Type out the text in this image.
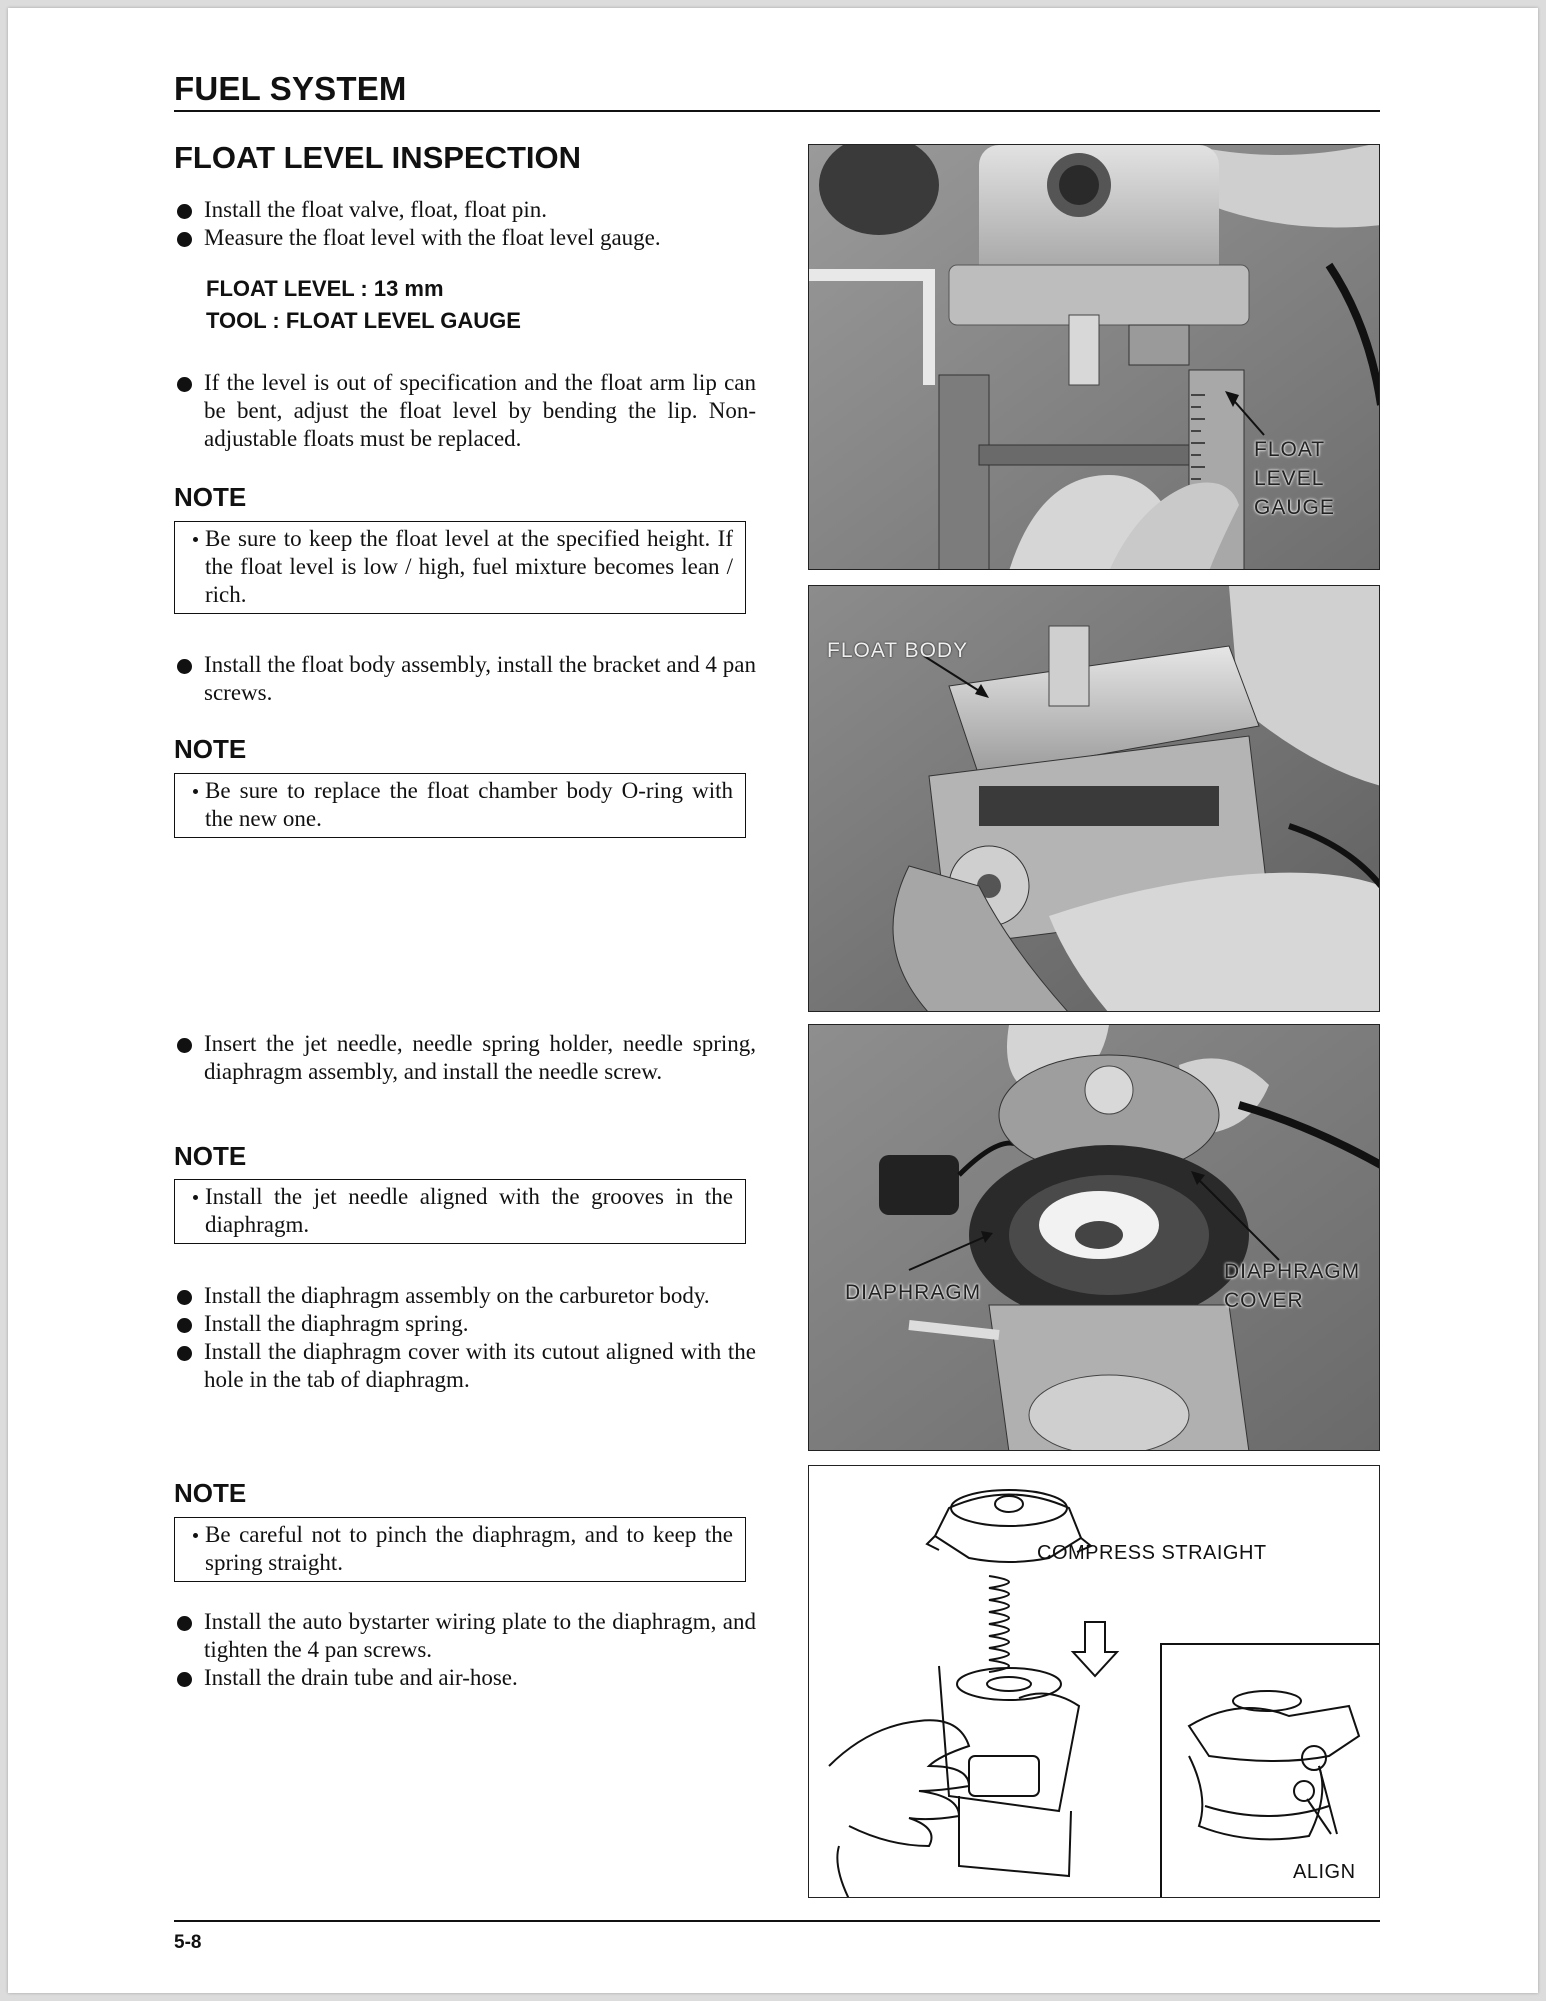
FUEL SYSTEM
FLOAT LEVEL INSPECTION
Install the float valve, float, float pin.
Measure the float level with the float level gauge.
FLOAT LEVEL : 13 mm
TOOL : FLOAT LEVEL GAUGE
If the level is out of specification and the float arm lip can be bent, adjust the float level by bending the lip. Non-adjustable floats must be replaced.
NOTE
Be sure to keep the float level at the specified height. If the float level is low / high, fuel mixture becomes lean / rich.
Install the float body assembly, install the bracket and 4 pan screws.
NOTE
Be sure to replace the float chamber body O-ring with the new one.
Insert the jet needle, needle spring holder, needle spring, diaphragm assembly, and install the needle screw.
NOTE
Install the jet needle aligned with the grooves in the diaphragm.
Install the diaphragm assembly on the carburetor body.
Install the diaphragm spring.
Install the diaphragm cover with its cutout aligned with the hole in the tab of diaphragm.
NOTE
Be careful not to pinch the diaphragm, and to keep the spring straight.
Install the auto bystarter wiring plate to the diaphragm, and tighten the 4 pan screws.
Install the drain tube and air-hose.
FLOAT
LEVEL
GAUGE
FLOAT BODY
DIAPHRAGM
DIAPHRAGM
COVER
COMPRESS STRAIGHT
ALIGN
5-8
